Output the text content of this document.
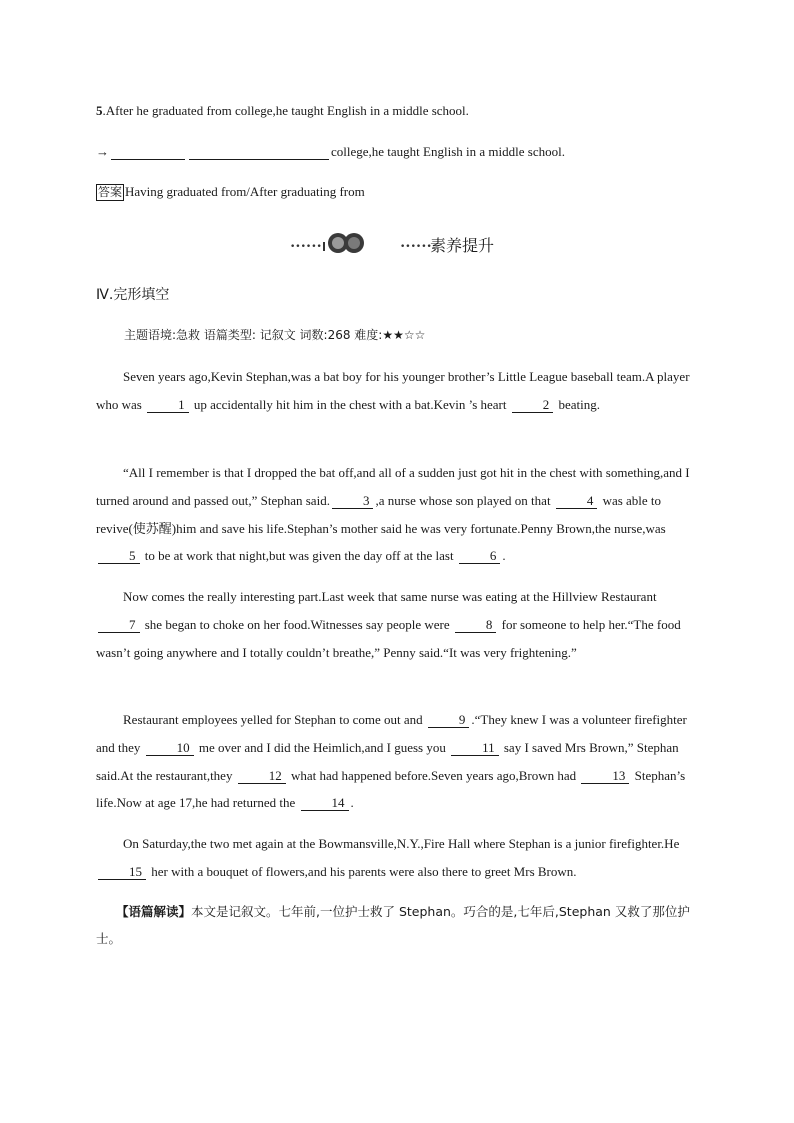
5.After he graduated from college,he taught English in a middle school.
→	college,he taught English in a middle school.
答案 Having graduated from/After graduating from
••••••	••••••
素养提升
Ⅳ.完形填空
主题语境:急救 语篇类型: 记叙文 词数:268 难度:★★☆☆
Seven years ago,Kevin Stephan,was a bat boy for his younger brother’s Little League baseball team.A player who was	1 up accidentally hit him in the chest with a bat.Kevin ’s heart	2 beating.
“All I remember is that I dropped the bat off,and all of a sudden just got hit in the chest with something,and I turned around and passed out,” Stephan said.	3 ,a nurse whose son played on that	4 was able to revive(使苏醒)him and save his life.Stephan’s mother said he was very fortunate.Penny Brown,the nurse,was 5 to be at work that night,but was given the day off at the last	6 .
Now comes the really interesting part.Last week that same nurse was eating at the Hillview Restaurant 7 she began to choke on her food.Witnesses say people were	8 for someone to help her.“The food wasn’t going anywhere and I totally couldn’t breathe,” Penny said.“It was very frightening.”
Restaurant employees yelled for Stephan to come out and	9 .“They knew I was a volunteer firefighter and they	10 me over and I did the Heimlich,and I guess you	11 say I saved Mrs Brown,” Stephan said.At the restaurant,they	12 what had happened before.Seven years ago,Brown had	13 Stephan’s life.Now at age 17,he had returned the	14 .
On Saturday,the two met again at the Bowmansville,N.Y.,Fire Hall where Stephan is a junior firefighter.He 15 her with a bouquet of flowers,and his parents were also there to greet Mrs Brown.
【语篇解读】本文是记叙文。七年前,一位护士救了 Stephan。巧合的是,七年后,Stephan 又救了那位护士。
